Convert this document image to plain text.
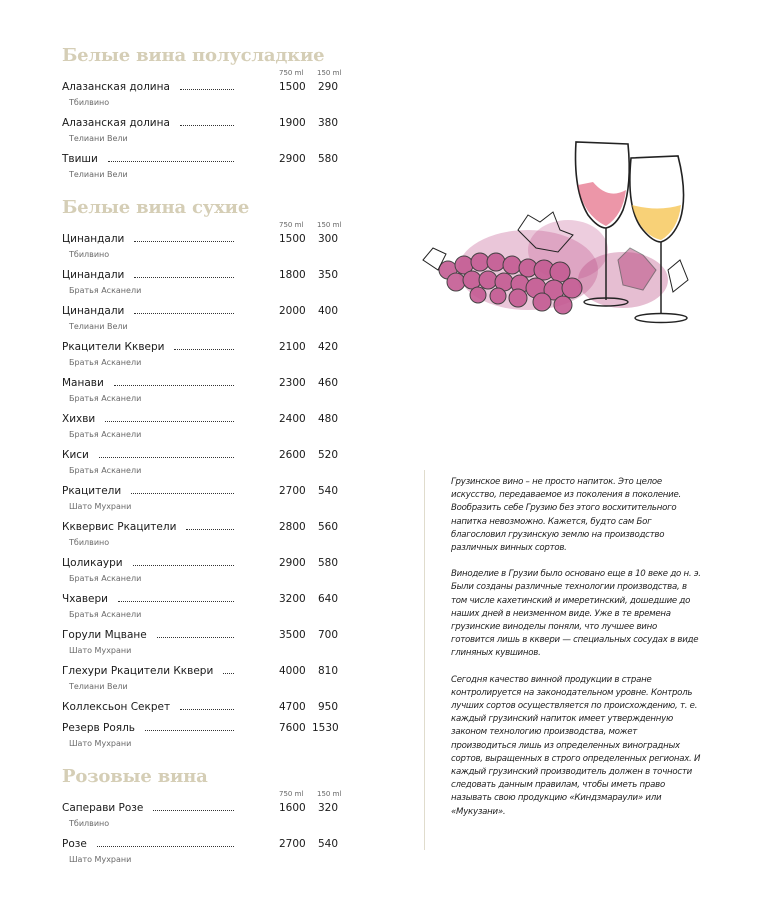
Белые вина полусладкие
750 ml 150 ml
Алазанская долина	1500	290
Тбилвино
Алазанская долина	1900	380
Телиани Вели
Твиши	2900	580
Телиани Вели
Белые вина сухие
750 ml 150 ml
Цинандали	1500	300
Тбилвино
Цинандали	1800	350
Братья Асканели
Цинандали	2000	400
Телиани Вели
Ркацители Кквери	2100	420
Братья Асканели
Манави	2300	460
Братья Асканели
Хихви	2400	480
Братья Асканели
Киси	2600	520
Братья Асканели
Ркацители	2700	540
Шато Мухрани
Кквервис Ркацители	2800	560
Тбилвино
Цоликаури	2900	580
Братья Асканели
Чхавери	3200	640
Братья Асканели
Горули Мцване	3500	700
Шато Мухрани
Глехури Ркацители Кквери	4000	810
Телиани Вели
Коллексьон Секрет	4700	950
Резерв Рояль	7600 1530
Шато Мухрани
Розовые вина
750 ml 150 ml
Саперави Розе	1600	320
Тбилвино
Розе	2700	540
Шато Мухрани

Грузинское вино – не просто напиток. Это целое искусство, передаваемое из поколения в поколение. Вообразить себе Грузию без этого восхитительного напитка невозможно. Кажется, будто сам Бог благословил грузинскую землю на производство различных винных сортов.

Виноделие в Грузии было основано еще в 10 веке до н. э. Были созданы различные технологии производства, в том числе кахетинский и имеретинский, дошедшие до наших дней в неизменном виде. Уже в те времена грузинские виноделы поняли, что лучшее вино готовится лишь в кквери — специальных сосудах в виде глиняных кувшинов.

Сегодня качество винной продукции в стране контролируется на законодательном уровне. Контроль лучших сортов осуществляется по происхождению, т. е. каждый грузинский напиток имеет утвержденную законом технологию производства, может производиться лишь из определенных виноградных сортов, выращенных в строго определенных регионах. И каждый грузинский производитель должен в точности следовать данным правилам, чтобы иметь право называть свою продукцию «Киндзмараули» или «Мукузани».
